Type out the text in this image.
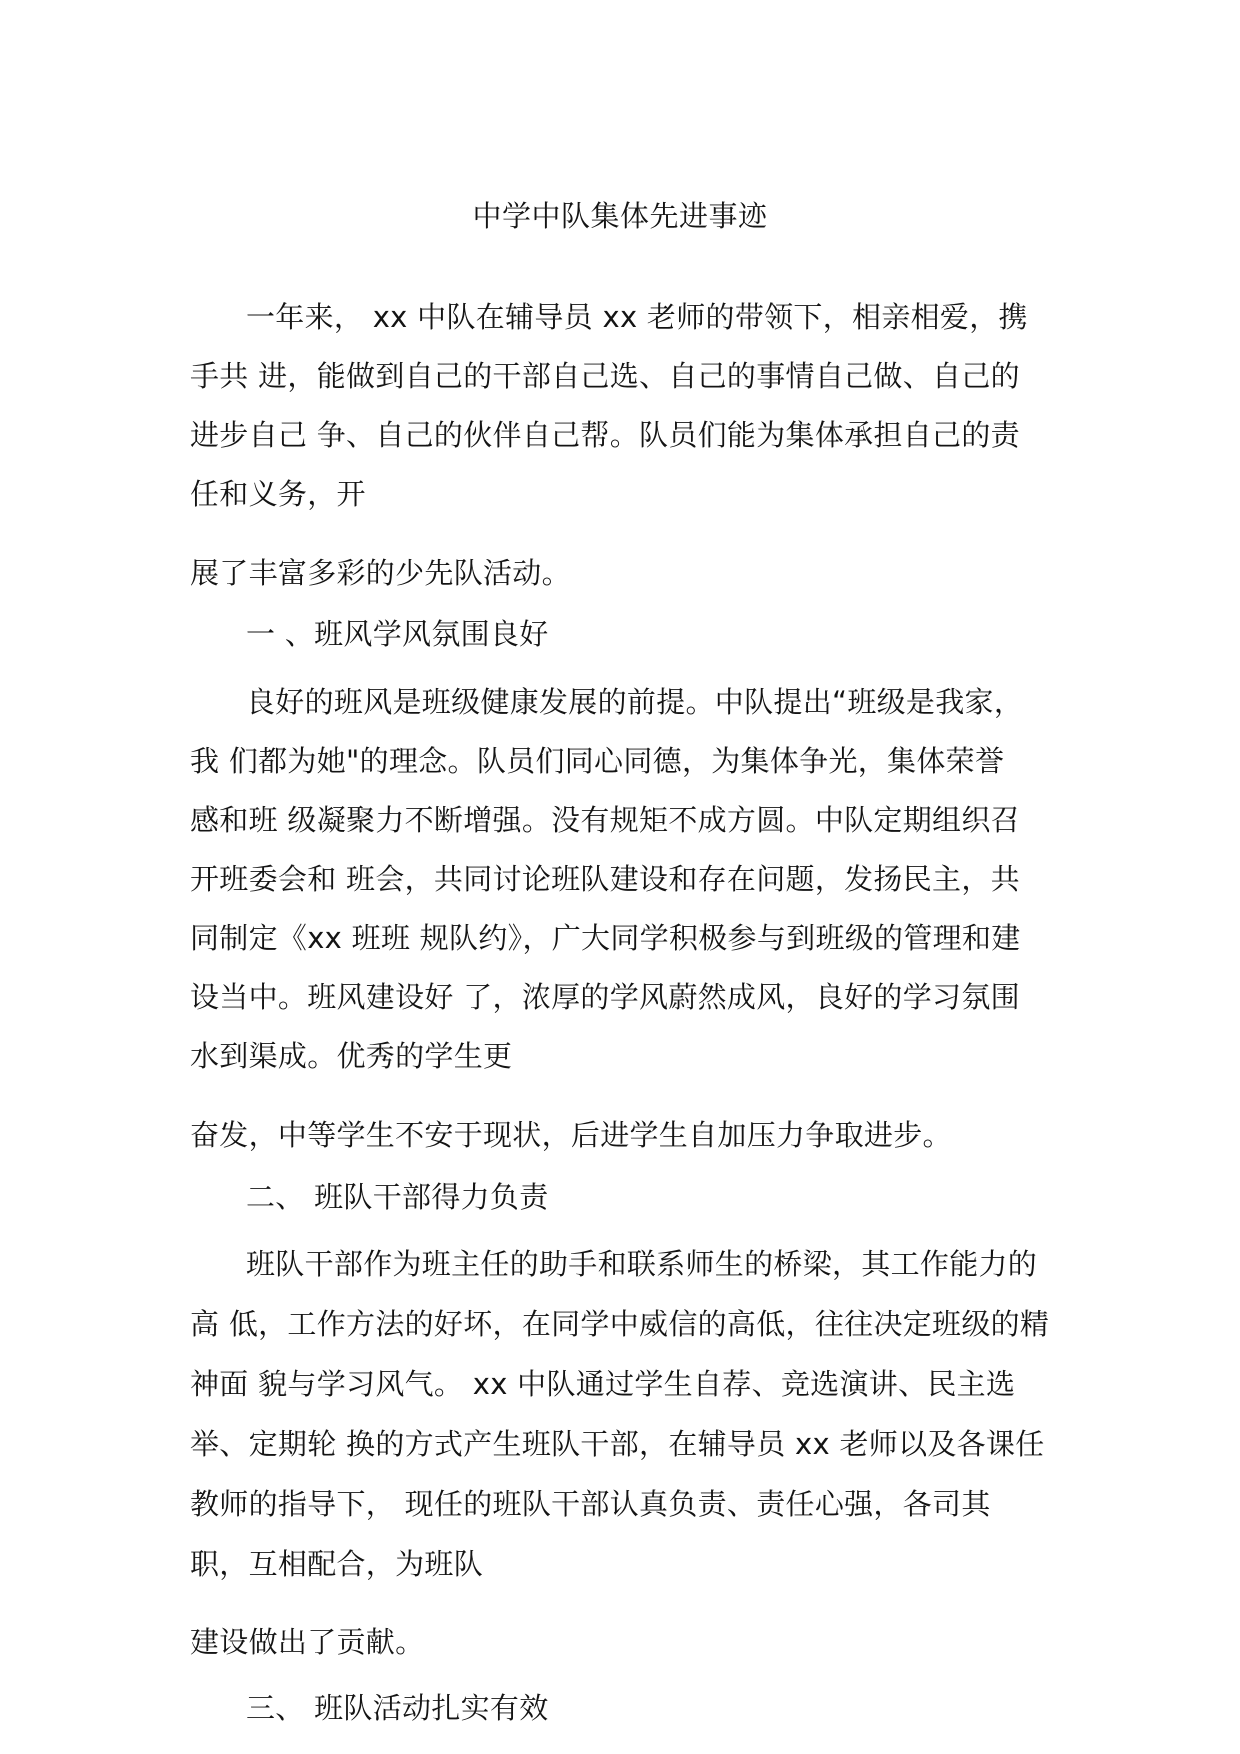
中学中队集体先进事迹
一年来， xx 中队在辅导员 xx 老师的带领下，相亲相爱，携
手共 进，能做到自己的干部自己选、自己的事情自己做、自己的
进步自己 争、自己的伙伴自己帮。队员们能为集体承担自己的责
任和义务，开
展了丰富多彩的少先队活动。
一 、班风学风氛围良好
良好的班风是班级健康发展的前提。中队提出“班级是我家，
我 们都为她"的理念。队员们同心同德，为集体争光，集体荣誉
感和班 级凝聚力不断增强。没有规矩不成方圆。中队定期组织召
开班委会和 班会，共同讨论班队建设和存在问题，发扬民主，共
同制定《xx 班班 规队约》，广大同学积极参与到班级的管理和建
设当中。班风建设好 了，浓厚的学风蔚然成风，良好的学习氛围
水到渠成。优秀的学生更
奋发，中等学生不安于现状，后进学生自加压力争取进步。
二、 班队干部得力负责
班队干部作为班主任的助手和联系师生的桥梁，其工作能力的
高 低，工作方法的好坏，在同学中威信的高低，往往决定班级的精
神面 貌与学习风气。 xx 中队通过学生自荐、竞选演讲、民主选
举、定期轮 换的方式产生班队干部，在辅导员 xx 老师以及各课任
教师的指导下， 现任的班队干部认真负责、责任心强，各司其
职，互相配合，为班队
建设做出了贡献。
三、 班队活动扎实有效
